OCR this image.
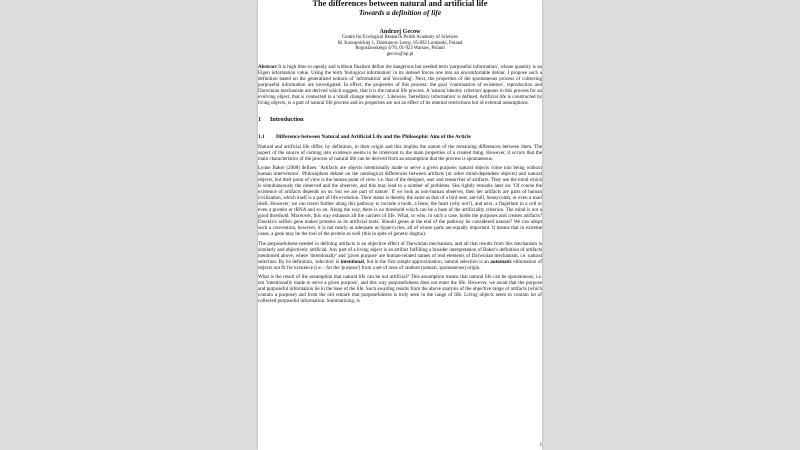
The differences between natural and artificial life
Towards a definition of life
Andrzej Gecow
Centre for Ecological Research Polish Academy of Sciences
M. Konopnickiej 1, Dziekanow Lesny, 05-092 Lomianki, Poland
Boguslawskiego 4/76, 01-923 Warsaw, Poland
gecow@op.pl

Abstract It is high time to openly and without finalism define the dangerous but needed term 'purposeful information', whose quantity is an Eigen information value. Using the term 'biological information' in its instead forces one into an uncomfortable detour. I propose such a definition based on the generalized notions of 'information' and 'encoding'. Next, the properties of the spontaneous process of collecting purposeful information are investigated. In effect, the properties of this process: the goal 'continuation of existence', reproduction and Darwinian mechanism are derived which suggest, that it is the natural life process. A 'natural identity criterion' appears in this process for an evolving object, that is connected to a 'small change tendency'. Likewise, 'hereditary information' is defined. Artificial life is constructed by living objects, is a part of natural life process and its properties are not an effect of its internal restrictions but of external assumptions.

1 Introduction
1.1 Difference between Natural and Artificial Life and the Philosophic Aim of the Article

Natural and artificial life differ, by definition, in their origin and this implies the nature of the remaining differences between them. The aspect of the source of coming into existence seems to be irrelevant to the main properties of a created thing. However, it occurs that the main characteristics of the process of natural life can be derived from an assumption that the process is spontaneous.

Lynne Baker (2008) defines: 'Artifacts are objects intentionally made to serve a given purpose; natural objects come into being without human intervention'. Philosophers debate on the ontological differences between artifacts (or other mind-dependent objects) and natural objects, but their point of view is the human point of view: i.e. that of the designer, user and researcher of artifacts. They use the mind which is simultaneously the observed and the observer, and this may lead to a number of problems. She rightly remarks later on: 'Of course the existence of artifacts depends on us: but we are part of nature'. If we look as non-human observer, then her artifacts are parts of human civilization, which itself is a part of life evolution. Their status is thereby the same as that of a bird nest, ant-hill, honeycomb, or even a snail shell. However, we can travel further along this pathway to include a tooth, a bone, the heart (why not?), and next, a flagellum in a cell or even a protein or tRNA and so on. Along the way, there is no threshold which can be a base of the artificiality criterion. The mind is not a good threshold. Moreover, this way exhausts all the carriers of life. What, or who, in such a case, holds the purposes and creates artifacts? Dawkin's selfish gene makes proteins as its artificial tools. Should genes at the end of the pathway be considered natural? We can adopt such a convention, however, it is not nearly as adequate as hypercycles, all of whose parts are equally important. It means that in extreme cases, a gene may be the tool of the protein as well (this in spite of genetic dogma).

The purposefulness needed in defining artifacts is an objective effect of Darwinian mechanism, and all that results from this mechanism is similarly and objectively artificial. Any part of a living object is an artifact fulfilling a broader interpretation of Baker's definition of artifacts mentioned above, where 'intentionally' and 'given purpose' are human-related names of real elements of Darwinian mechanism, i.e. natural selection. By its definition, 'selection' is intentional, but in the first simple approximation, natural selection is an automatic elimination of objects not fit for existence (i.e. - for the 'purpose') from a set of ones of random (natural, spontaneous) origin.

What is the result of the assumption that natural life can be not artificial? This assumption means that natural life can be spontaneous, i.e. not 'intentionally made to serve a given purpose', and this way purposefulness does not enter the life. However, we await that the purpose and purposeful information lie in the base of the life. Such awaiting results from the above analysis of the objective range of artifacts (which contain a purpose) and from the old remark that purposefulness is truly seen in the range of life. Living objects seem to contain lot of collected purposeful information. Summarizing, is

1
